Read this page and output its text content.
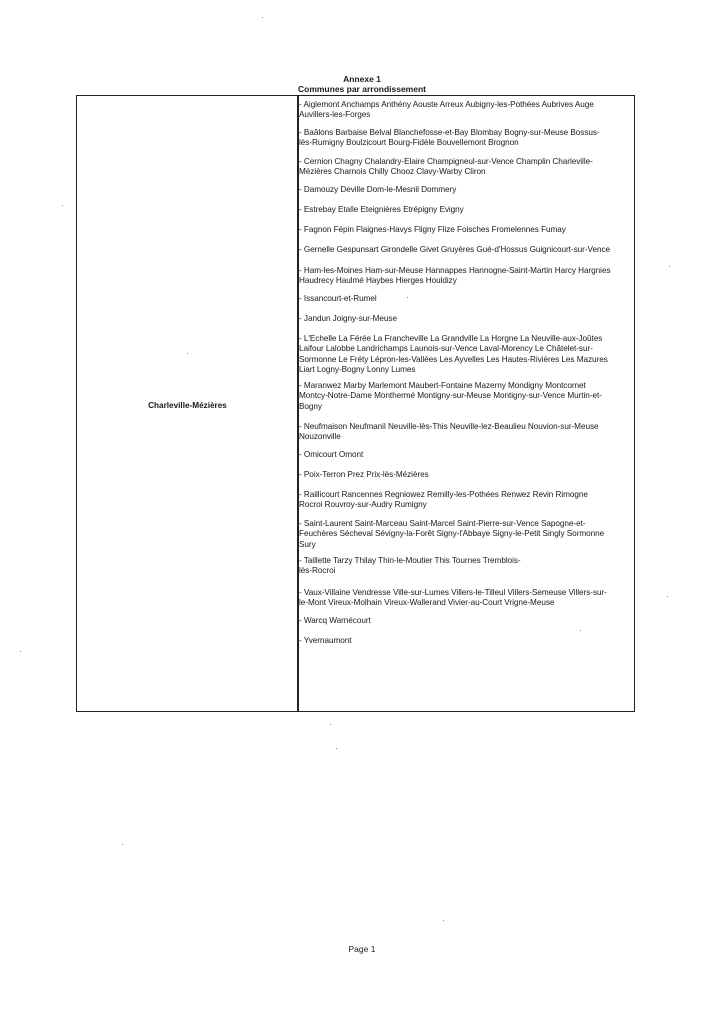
Annexe 1
Communes par arrondissement
Charleville-Mézières
- Aiglemont Anchamps Anthény Aouste Arreux Aubigny-les-Pothées Aubrives Auge
Auvillers-les-Forges
- Baâlons Barbaise Belval Blanchefosse-et-Bay Blombay Bogny-sur-Meuse Bossus-
lès-Rumigny Boulzicourt Bourg-Fidèle Bouvellemont Brognon
- Cernion Chagny Chalandry-Elaire Champigneul-sur-Vence Champlin Charleville-
Mézières Charnois Chilly Chooz Clavy-Warby Cliron
- Damouzy Deville Dom-le-Mesnil Dommery
- Estrebay Etalle Eteignières Etrépigny Evigny
- Fagnon Fépin Flaignes-Havys Fligny Flize Foisches Fromelennes Fumay
- Gernelle Gespunsart Girondelle Givet Gruyères Gué-d'Hossus Guignicourt-sur-Vence
- Ham-les-Moines Ham-sur-Meuse Hannappes Hannogne-Saint-Martin Harcy Hargnies
Haudrecy Haulmé Haybes Hierges Houldizy
- Issancourt-et-Rumel
- Jandun Joigny-sur-Meuse
- L'Echelle La Férée La Francheville La Grandville La Horgne La Neuville-aux-Joûtes
Laifour Lalobbe Landrichamps Launois-sur-Vence Laval-Morency Le Châtelet-sur-
Sormonne Le Fréty Lépron-les-Vallées Les Ayvelles Les Hautes-Rivières Les Mazures
Liart Logny-Bogny Lonny Lumes
- Maranwez Marby Marlemont Maubert-Fontaine Mazerny Mondigny Montcornet
Montcy-Notre-Dame Monthermé Montigny-sur-Meuse Montigny-sur-Vence Murtin-et-
Bogny
- Neufmaison Neufmanil Neuville-lès-This Neuville-lez-Beaulieu Nouvion-sur-Meuse
Nouzonville
- Omicourt Omont
- Poix-Terron Prez Prix-lès-Mézières
- Raillicourt Rancennes Regniowez Remilly-les-Pothées Renwez Revin Rimogne
Rocroi Rouvroy-sur-Audry Rumigny
- Saint-Laurent Saint-Marceau Saint-Marcel Saint-Pierre-sur-Vence Sapogne-et-
Feuchères Sécheval Sévigny-la-Forêt Signy-l'Abbaye Signy-le-Petit Singly Sormonne
Sury
- Taillette Tarzy Thilay Thin-le-Moutier This Tournes Tremblois-
lès-Rocroi
- Vaux-Villaine Vendresse Ville-sur-Lumes Villers-le-Tilleul Villers-Semeuse Villers-sur-
le-Mont Vireux-Molhain Vireux-Wallerand Vivier-au-Court Vrigne-Meuse
- Warcq Warnécourt
- Yvernaumont
Page 1
